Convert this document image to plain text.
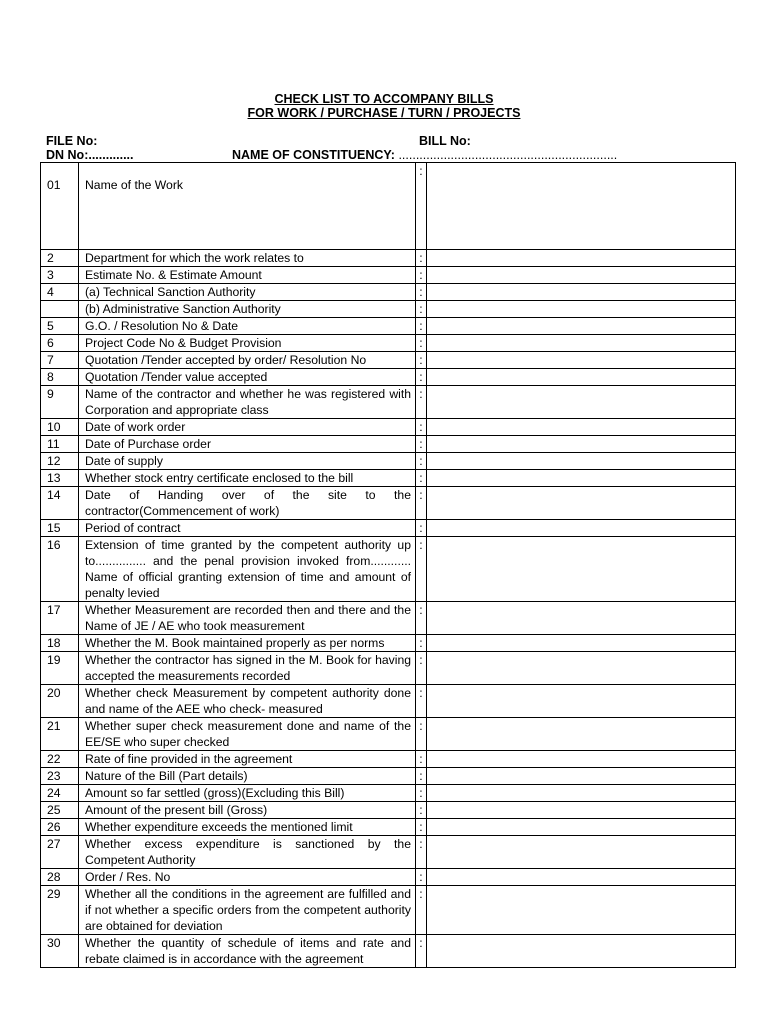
CHECK LIST TO ACCOMPANY BILLS
FOR WORK / PURCHASE / TURN / PROJECTS
FILE No:	BILL No:
DN No:.............	NAME OF CONSTITUENCY: ...............................................................
01	Name of the Work	:	
2	Department for which the work relates to	:	
3	Estimate No. & Estimate Amount	:	
4	(a) Technical Sanction Authority	:	
	(b) Administrative Sanction Authority	:	
5	G.O. / Resolution No & Date	:	
6	Project Code No & Budget Provision	:	
7	Quotation /Tender accepted by order/ Resolution No	:	
8	Quotation /Tender value accepted	:	
9	Name of the contractor and whether he was registered with Corporation and appropriate class	:	
10	Date of work order	:	
11	Date of Purchase order	:	
12	Date of supply	:	
13	Whether stock entry certificate enclosed to the bill	:	
14	Date of Handing over of the site to the contractor(Commencement of work)	:	
15	Period of contract	:	
16	Extension of time granted by the competent authority up to............... and the penal provision invoked from............ Name of official granting extension of time and amount of penalty levied	:	
17	Whether Measurement are recorded then and there and the Name of JE / AE who took measurement	:	
18	Whether the M. Book maintained properly as per norms	:	
19	Whether the contractor has signed in the M. Book for having accepted the measurements recorded	:	
20	Whether check Measurement by competent authority done and name of the AEE who check- measured	:	
21	Whether super check measurement done and name of the EE/SE who super checked	:	
22	Rate of fine provided in the agreement	:	
23	Nature of the Bill (Part details)	:	
24	Amount so far settled (gross)(Excluding this Bill)	:	
25	Amount of the present bill (Gross)	:	
26	Whether expenditure exceeds the mentioned limit	:	
27	Whether excess expenditure is sanctioned by the Competent Authority	:	
28	Order / Res. No	:	
29	Whether all the conditions in the agreement are fulfilled and if not whether a specific orders from the competent authority are obtained for deviation	:	
30	Whether the quantity of schedule of items and rate and rebate claimed is in accordance with the agreement	:	
